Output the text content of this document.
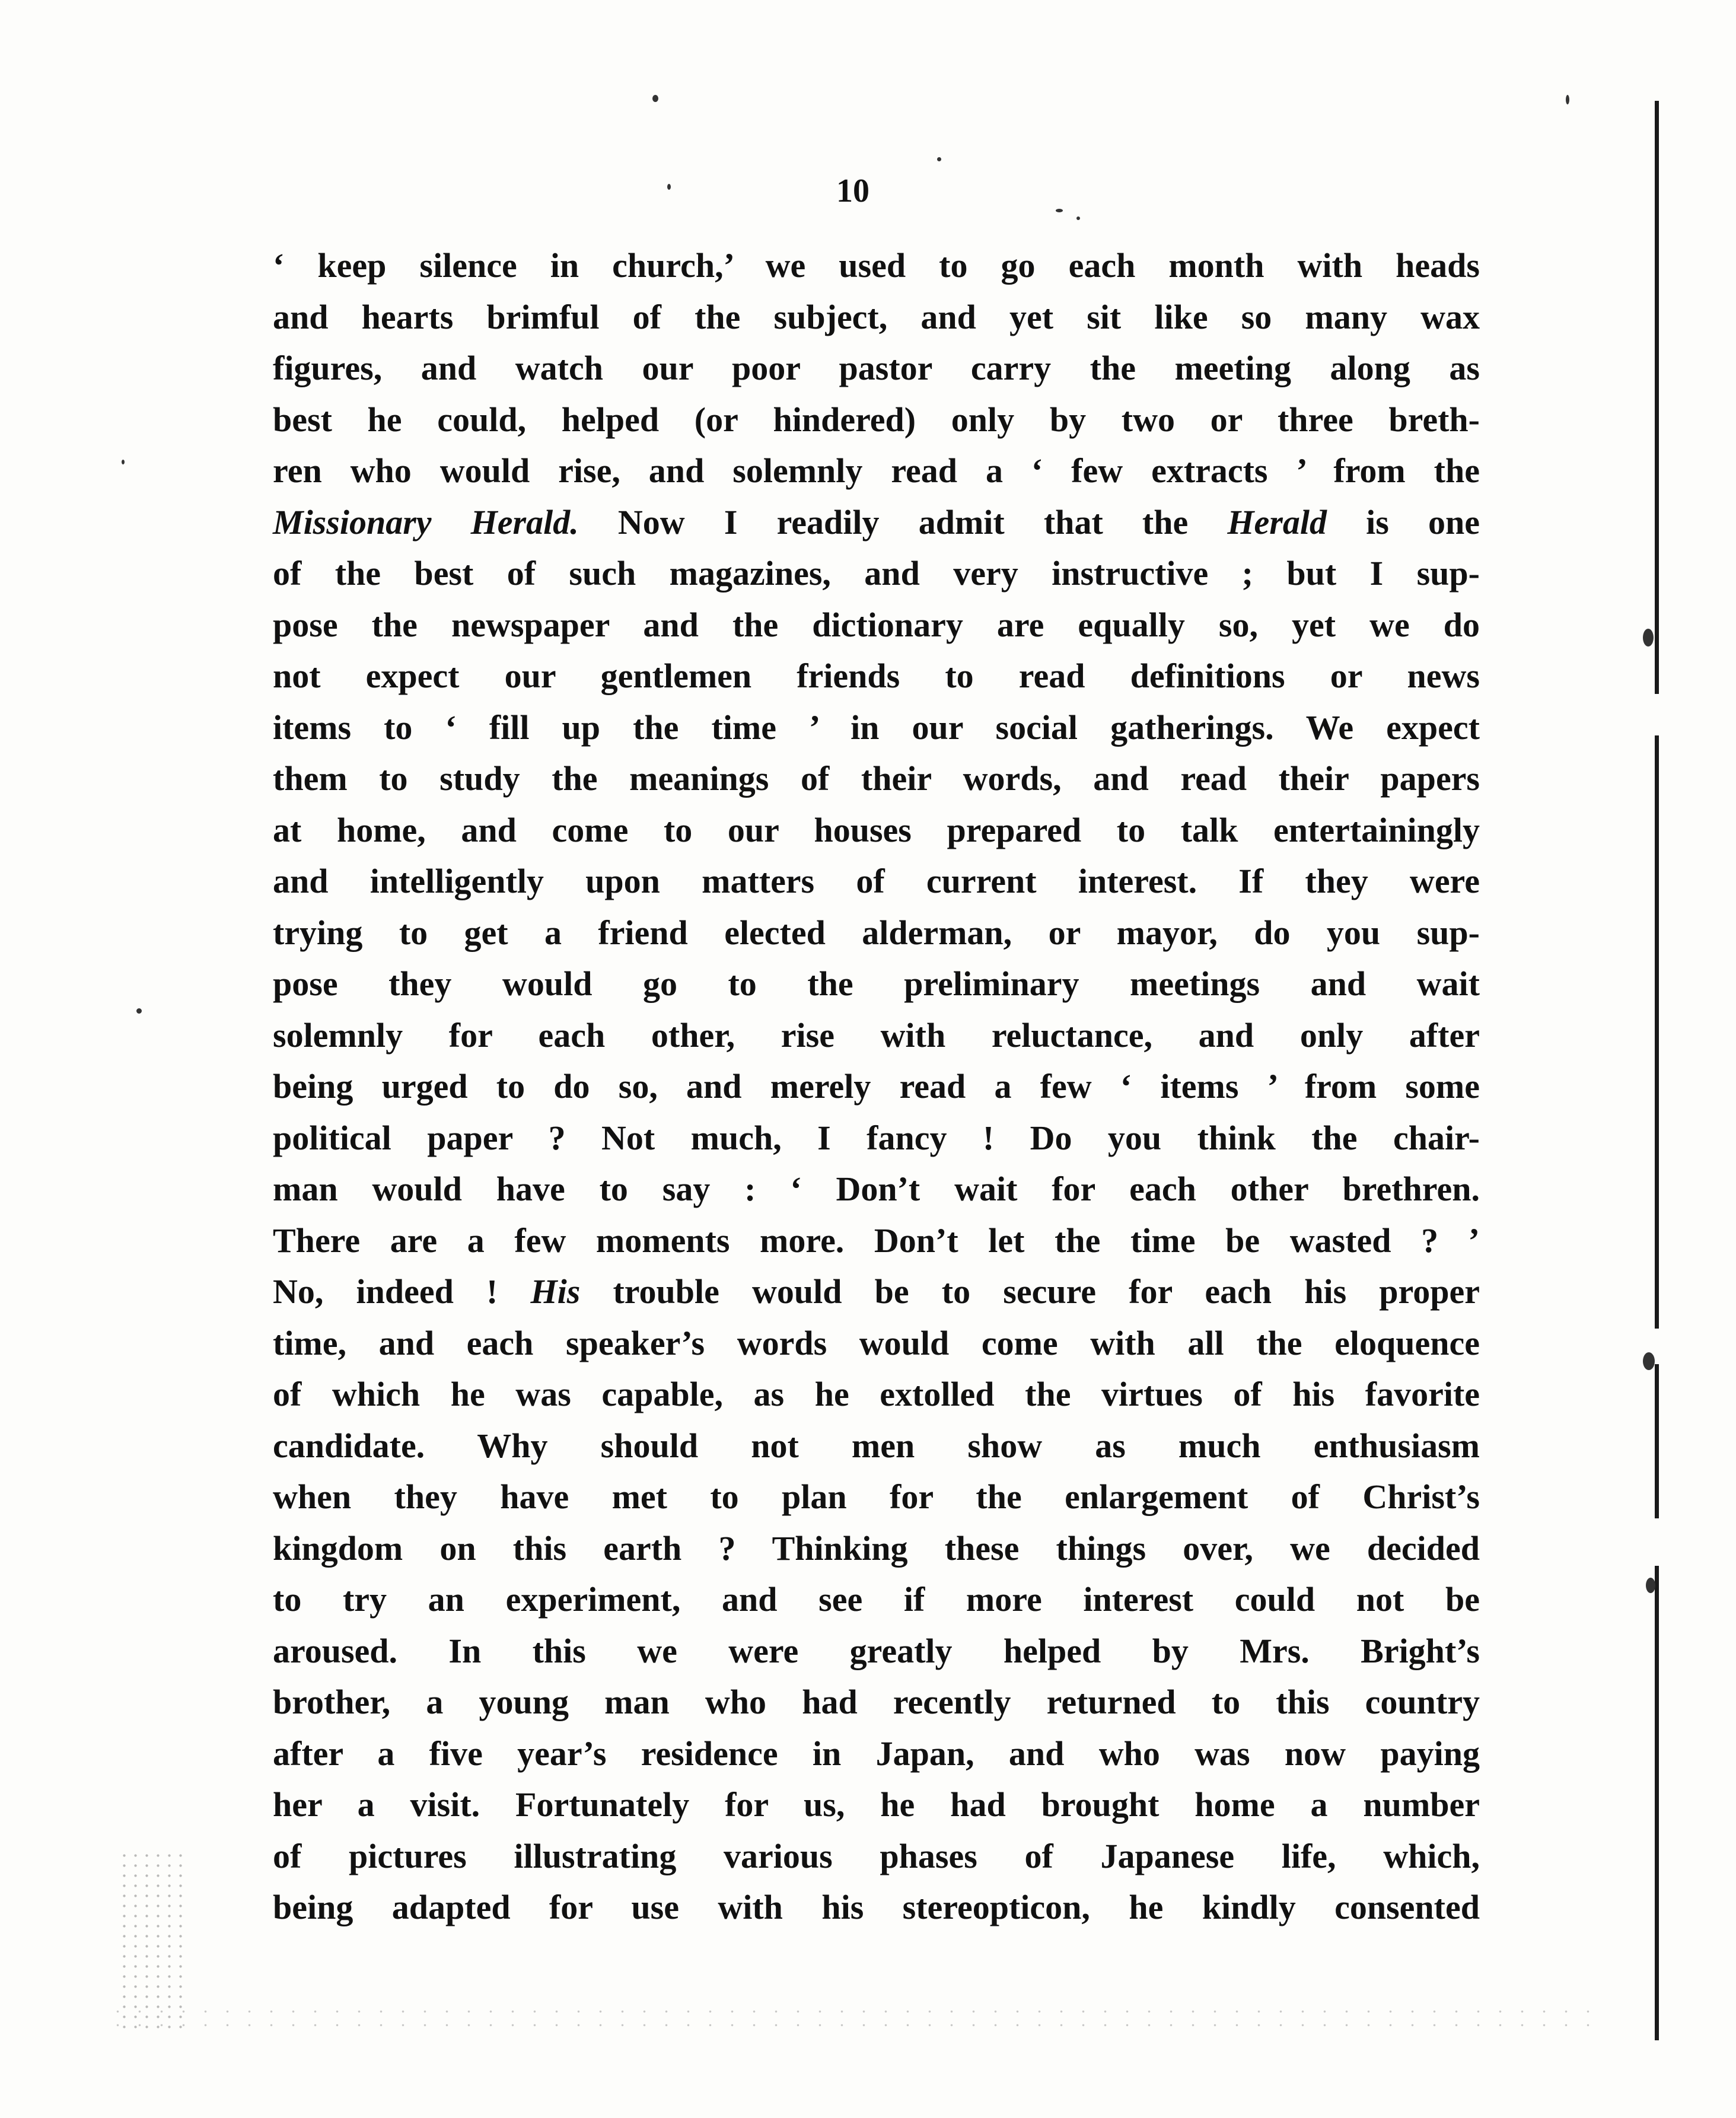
10

‘ keep silence in church,’ we used to go each month with heads
and hearts brimful of the subject, and yet sit like so many wax
figures, and watch our poor pastor carry the meeting along as
best he could, helped (or hindered) only by two or three breth-
ren who would rise, and solemnly read a ‘ few extracts ’ from the
Missionary Herald. Now I readily admit that the Herald is one
of the best of such magazines, and very instructive ; but I sup-
pose the newspaper and the dictionary are equally so, yet we do
not expect our gentlemen friends to read definitions or news
items to ‘ fill up the time ’ in our social gatherings. We expect
them to study the meanings of their words, and read their papers
at home, and come to our houses prepared to talk entertainingly
and intelligently upon matters of current interest. If they were
trying to get a friend elected alderman, or mayor, do you sup-
pose they would go to the preliminary meetings and wait
solemnly for each other, rise with reluctance, and only after
being urged to do so, and merely read a few ‘ items ’ from some
political paper ? Not much, I fancy ! Do you think the chair-
man would have to say : ‘ Don’t wait for each other brethren.
There are a few moments more. Don’t let the time be wasted ? ’
No, indeed ! His trouble would be to secure for each his proper
time, and each speaker’s words would come with all the eloquence
of which he was capable, as he extolled the virtues of his favorite
candidate. Why should not men show as much enthusiasm
when they have met to plan for the enlargement of Christ’s
kingdom on this earth ? Thinking these things over, we decided
to try an experiment, and see if more interest could not be
aroused. In this we were greatly helped by Mrs. Bright’s
brother, a young man who had recently returned to this country
after a five year’s residence in Japan, and who was now paying
her a visit. Fortunately for us, he had brought home a number
of pictures illustrating various phases of Japanese life, which,
being adapted for use with his stereopticon, he kindly consented
